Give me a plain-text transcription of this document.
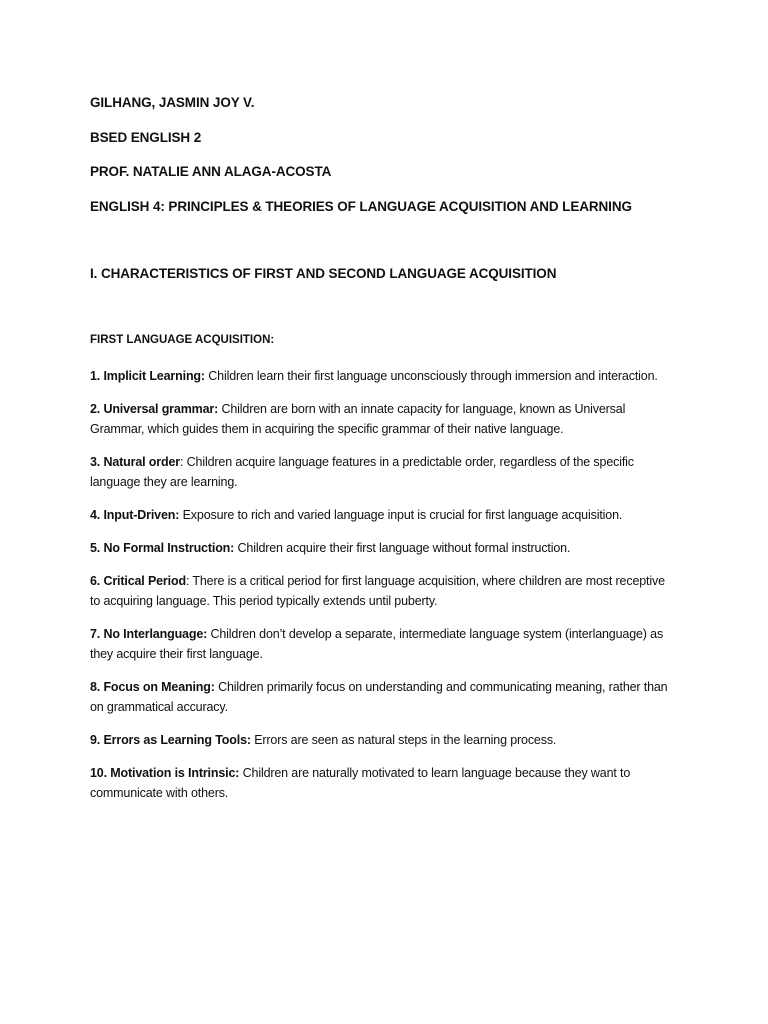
GILHANG, JASMIN JOY V.

BSED ENGLISH 2

PROF. NATALIE ANN ALAGA-ACOSTA

ENGLISH 4: PRINCIPLES & THEORIES OF LANGUAGE ACQUISITION AND LEARNING

I. CHARACTERISTICS OF FIRST AND SECOND LANGUAGE ACQUISITION

FIRST LANGUAGE ACQUISITION:

1. Implicit Learning: Children learn their first language unconsciously through immersion and interaction.
2. Universal grammar: Children are born with an innate capacity for language, known as Universal Grammar, which guides them in acquiring the specific grammar of their native language.
3. Natural order: Children acquire language features in a predictable order, regardless of the specific language they are learning.
4. Input-Driven: Exposure to rich and varied language input is crucial for first language acquisition.
5. No Formal Instruction: Children acquire their first language without formal instruction.
6. Critical Period: There is a critical period for first language acquisition, where children are most receptive to acquiring language. This period typically extends until puberty.
7. No Interlanguage: Children don’t develop a separate, intermediate language system (interlanguage) as they acquire their first language.
8. Focus on Meaning: Children primarily focus on understanding and communicating meaning, rather than on grammatical accuracy.
9. Errors as Learning Tools: Errors are seen as natural steps in the learning process.
10. Motivation is Intrinsic: Children are naturally motivated to learn language because they want to communicate with others.
